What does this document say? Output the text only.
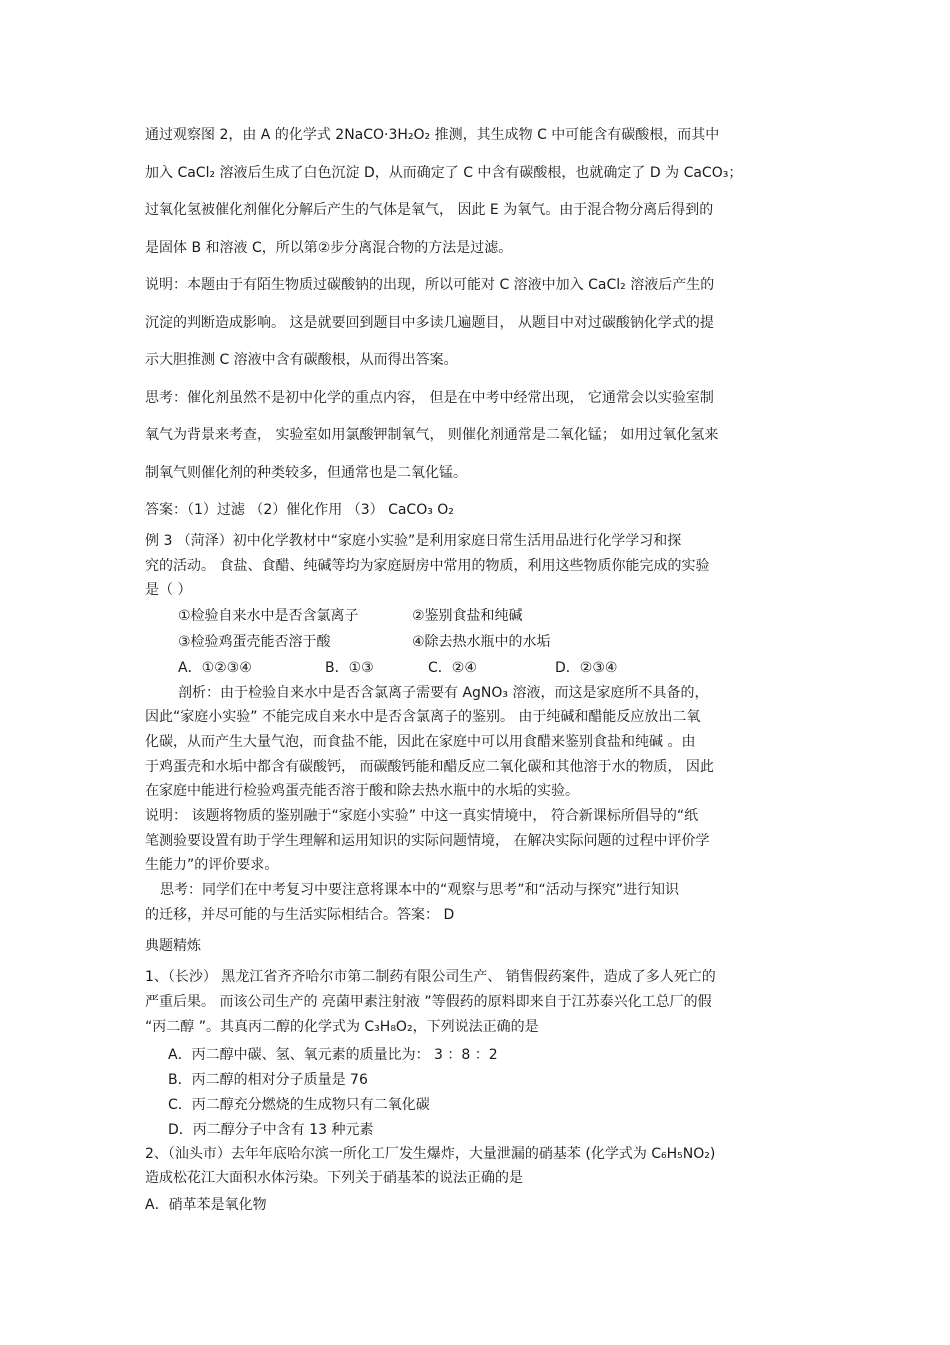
通过观察图 2，由 A 的化学式 2NaCO·3H₂O₂ 推测，其生成物 C 中可能含有碳酸根，而其中
加入 CaCl₂ 溶液后生成了白色沉淀 D，从而确定了 C 中含有碳酸根，也就确定了 D 为 CaCO₃；
过氧化氢被催化剂催化分解后产生的气体是氧气， 因此 E 为氧气。由于混合物分离后得到的
是固体 B 和溶液 C，所以第②步分离混合物的方法是过滤。
说明：本题由于有陌生物质过碳酸钠的出现，所以可能对 C 溶液中加入 CaCl₂ 溶液后产生的
沉淀的判断造成影响。 这是就要回到题目中多读几遍题目， 从题目中对过碳酸钠化学式的提
示大胆推测 C 溶液中含有碳酸根，从而得出答案。
思考：催化剂虽然不是初中化学的重点内容， 但是在中考中经常出现， 它通常会以实验室制
氧气为背景来考查， 实验室如用氯酸钾制氧气， 则催化剂通常是二氧化锰； 如用过氧化氢来
制氧气则催化剂的种类较多，但通常也是二氧化锰。
答案：（1）过滤 （2）催化作用 （3） CaCO₃ O₂
例 3 （菏泽）初中化学教材中“家庭小实验”是利用家庭日常生活用品进行化学学习和探
究的活动。 食盐、食醋、纯碱等均为家庭厨房中常用的物质，利用这些物质你能完成的实验
是（ ）
①检验自来水中是否含氯离子	②鉴别食盐和纯碱
③检验鸡蛋壳能否溶于酸	④除去热水瓶中的水垢
A．①②③④	B．①③	C．②④	D．②③④
剖析：由于检验自来水中是否含氯离子需要有 AgNO₃ 溶液，而这是家庭所不具备的，
因此“家庭小实验” 不能完成自来水中是否含氯离子的鉴别。 由于纯碱和醋能反应放出二氧
化碳，从而产生大量气泡，而食盐不能，因此在家庭中可以用食醋来鉴别食盐和纯碱 。由
于鸡蛋壳和水垢中都含有碳酸钙， 而碳酸钙能和醋反应二氧化碳和其他溶于水的物质， 因此
在家庭中能进行检验鸡蛋壳能否溶于酸和除去热水瓶中的水垢的实验。
说明： 该题将物质的鉴别融于“家庭小实验” 中这一真实情境中， 符合新课标所倡导的“纸
笔测验要设置有助于学生理解和运用知识的实际问题情境， 在解决实际问题的过程中评价学
生能力”的评价要求。
思考：同学们在中考复习中要注意将课本中的“观察与思考”和“活动与探究”进行知识
的迁移，并尽可能的与生活实际相结合。答案： D
典题精炼
1、（长沙） 黑龙江省齐齐哈尔市第二制药有限公司生产、 销售假药案件，造成了多人死亡的
严重后果。 而该公司生产的 亮菌甲素注射液 ”等假药的原料即来自于江苏泰兴化工总厂的假
“丙二醇 ”。其真丙二醇的化学式为 C₃H₈O₂，下列说法正确的是
A．丙二醇中碳、氢、氧元素的质量比为： 3 ：8 ：2
B．丙二醇的相对分子质量是 76
C．丙二醇充分燃烧的生成物只有二氧化碳
D．丙二醇分子中含有 13 种元素
2、（汕头市）去年年底哈尔滨一所化工厂发生爆炸，大量泄漏的硝基苯 (化学式为 C₆H₅NO₂)
造成松花江大面积水体污染。下列关于硝基苯的说法正确的是
A．硝革苯是氧化物
